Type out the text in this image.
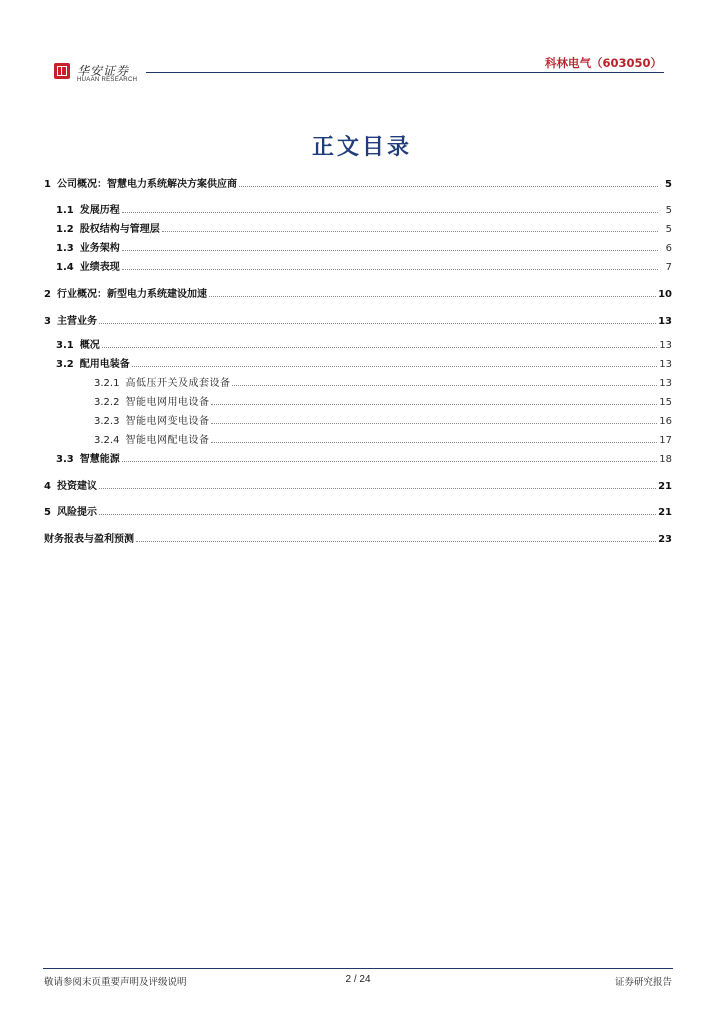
华安证券
HUAAN RESEARCH
科林电气（603050）
正文目录
1 公司概况：智慧电力系统解决方案供应商	5
1.1 发展历程	5
1.2 股权结构与管理层	5
1.3 业务架构	6
1.4 业绩表现	7
2 行业概况：新型电力系统建设加速	10
3 主营业务	13
3.1 概况	13
3.2 配用电装备	13
3.2.1 高低压开关及成套设备	13
3.2.2 智能电网用电设备	15
3.2.3 智能电网变电设备	16
3.2.4 智能电网配电设备	17
3.3 智慧能源	18
4 投资建议	21
5 风险提示	21
财务报表与盈利预测	23
敬请参阅末页重要声明及评级说明	2 / 24	证券研究报告
